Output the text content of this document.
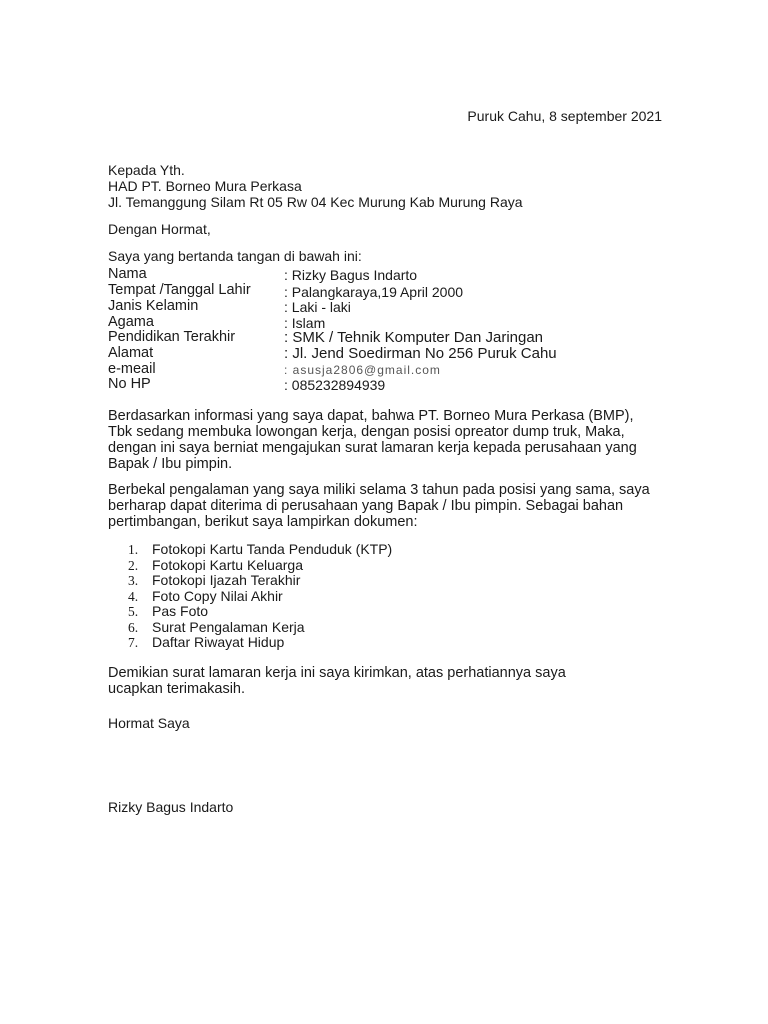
Puruk Cahu, 8 september 2021
Kepada Yth.
HAD PT. Borneo Mura Perkasa
Jl. Temanggung Silam Rt 05 Rw 04 Kec Murung Kab Murung Raya
Dengan Hormat,
Saya yang bertanda tangan di bawah ini:
Nama	: Rizky Bagus Indarto
Tempat /Tanggal Lahir : Palangkaraya,19 April 2000
Janis Kelamin	: Laki - laki
Agama	: Islam
Pendidikan Terakhir	: SMK / Tehnik Komputer Dan Jaringan
Alamat	: Jl. Jend Soedirman No 256 Puruk Cahu
e-meail	: asusja2806@gmail.com
No HP	: 085232894939
Berdasarkan informasi yang saya dapat, bahwa PT. Borneo Mura Perkasa (BMP),
Tbk sedang membuka lowongan kerja, dengan posisi opreator dump truk, Maka,
dengan ini saya berniat mengajukan surat lamaran kerja kepada perusahaan yang
Bapak / Ibu pimpin.
Berbekal pengalaman yang saya miliki selama 3 tahun pada posisi yang sama, saya
berharap dapat diterima di perusahaan yang Bapak / Ibu pimpin. Sebagai bahan
pertimbangan, berikut saya lampirkan dokumen:
1. Fotokopi Kartu Tanda Penduduk (KTP)
2. Fotokopi Kartu Keluarga
3. Fotokopi Ijazah Terakhir
4. Foto Copy Nilai Akhir
5. Pas Foto
6. Surat Pengalaman Kerja
7. Daftar Riwayat Hidup
Demikian surat lamaran kerja ini saya kirimkan, atas perhatiannya saya
ucapkan terimakasih.
Hormat Saya
Rizky Bagus Indarto
